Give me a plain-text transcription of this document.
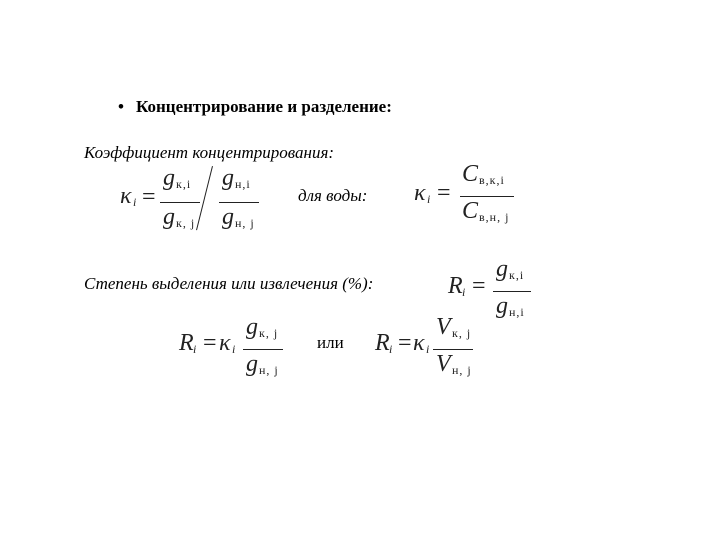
• Концентрирование и разделение:
Коэффициент концентрирования:
κ i =
g к,i
g к, j
g н,i
g н, j
для воды: κ i =
C в,к,i
C в,н, j
Степень выделения или извлечения (%):	R i =
g к,i
g н,i
R i = κ i
g к, j
g н, j
или R i = κ i
V к, j
V н, j
